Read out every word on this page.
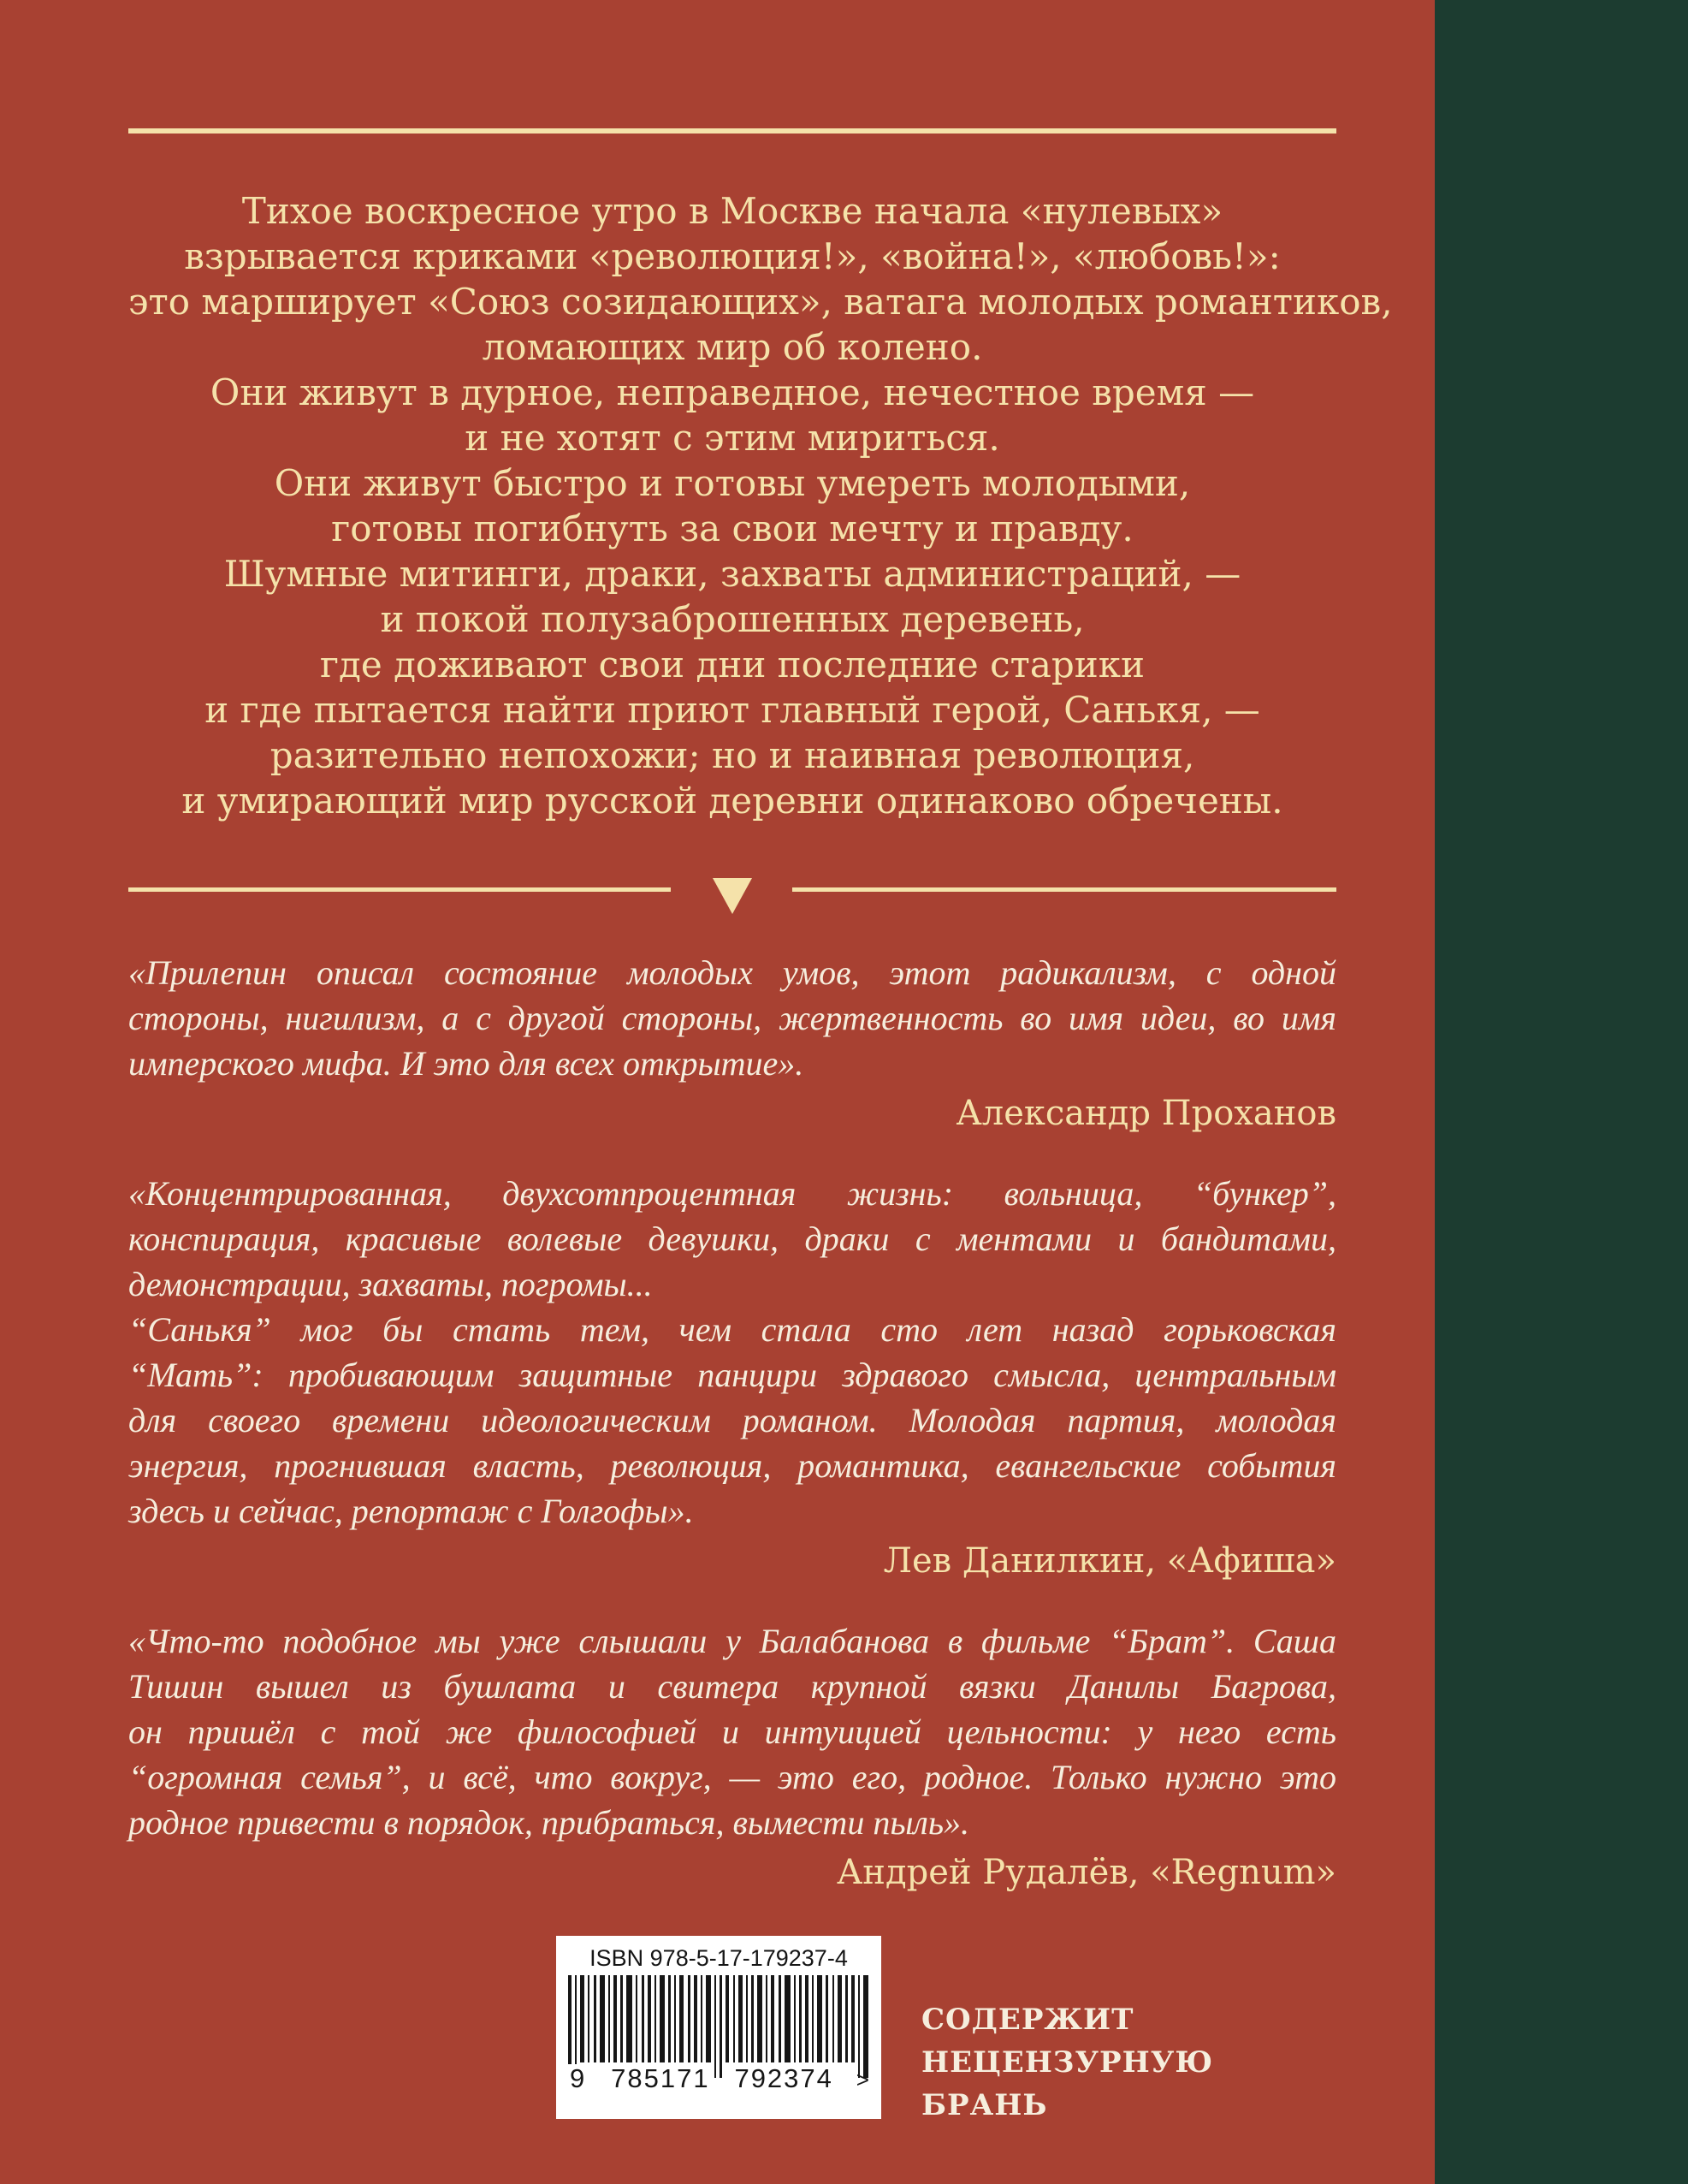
Тихое воскресное утро в Москве начала «нулевых»
взрывается криками «революция!», «война!», «любовь!»:
это марширует «Союз созидающих», ватага молодых романтиков,
ломающих мир об колено.
Они живут в дурное, неправедное, нечестное время —
и не хотят с этим мириться.
Они живут быстро и готовы умереть молодыми,
готовы погибнуть за свои мечту и правду.
Шумные митинги, драки, захваты администраций, —
и покой полузаброшенных деревень,
где доживают свои дни последние старики
и где пытается найти приют главный герой, Санькя, —
разительно непохожи; но и наивная революция,
и умирающий мир русской деревни одинаково обречены.
«Прилепин описал состояние молодых умов, этот радикализм, с одной
стороны, нигилизм, а с другой стороны, жертвенность во имя идеи, во имя
имперского мифа. И это для всех открытие».
Александр Проханов
«Концентрированная, двухсотпроцентная жизнь: вольница, “бункер”,
конспирация, красивые волевые девушки, драки с ментами и бандитами,
демонстрации, захваты, погромы...
“Санькя” мог бы стать тем, чем стала сто лет назад горьковская
“Мать”: пробивающим защитные панцири здравого смысла, центральным
для своего времени идеологическим романом. Молодая партия, молодая
энергия, прогнившая власть, революция, романтика, евангельские события
здесь и сейчас, репортаж с Голгофы».
Лев Данилкин, «Афиша»
«Что-то подобное мы уже слышали у Балабанова в фильме “Брат”. Саша
Тишин вышел из бушлата и свитера крупной вязки Данилы Багрова,
он пришёл с той же философией и интуицией цельности: у него есть
“огромная семья”, и всё, что вокруг, — это его, родное. Только нужно это
родное привести в порядок, прибраться, вымести пыль».
Андрей Рудалёв, «Regnum»
ISBN 978-5-17-179237-4
9 785171 792374 >
СОДЕРЖИТ
НЕЦЕНЗУРНУЮ
БРАНЬ
